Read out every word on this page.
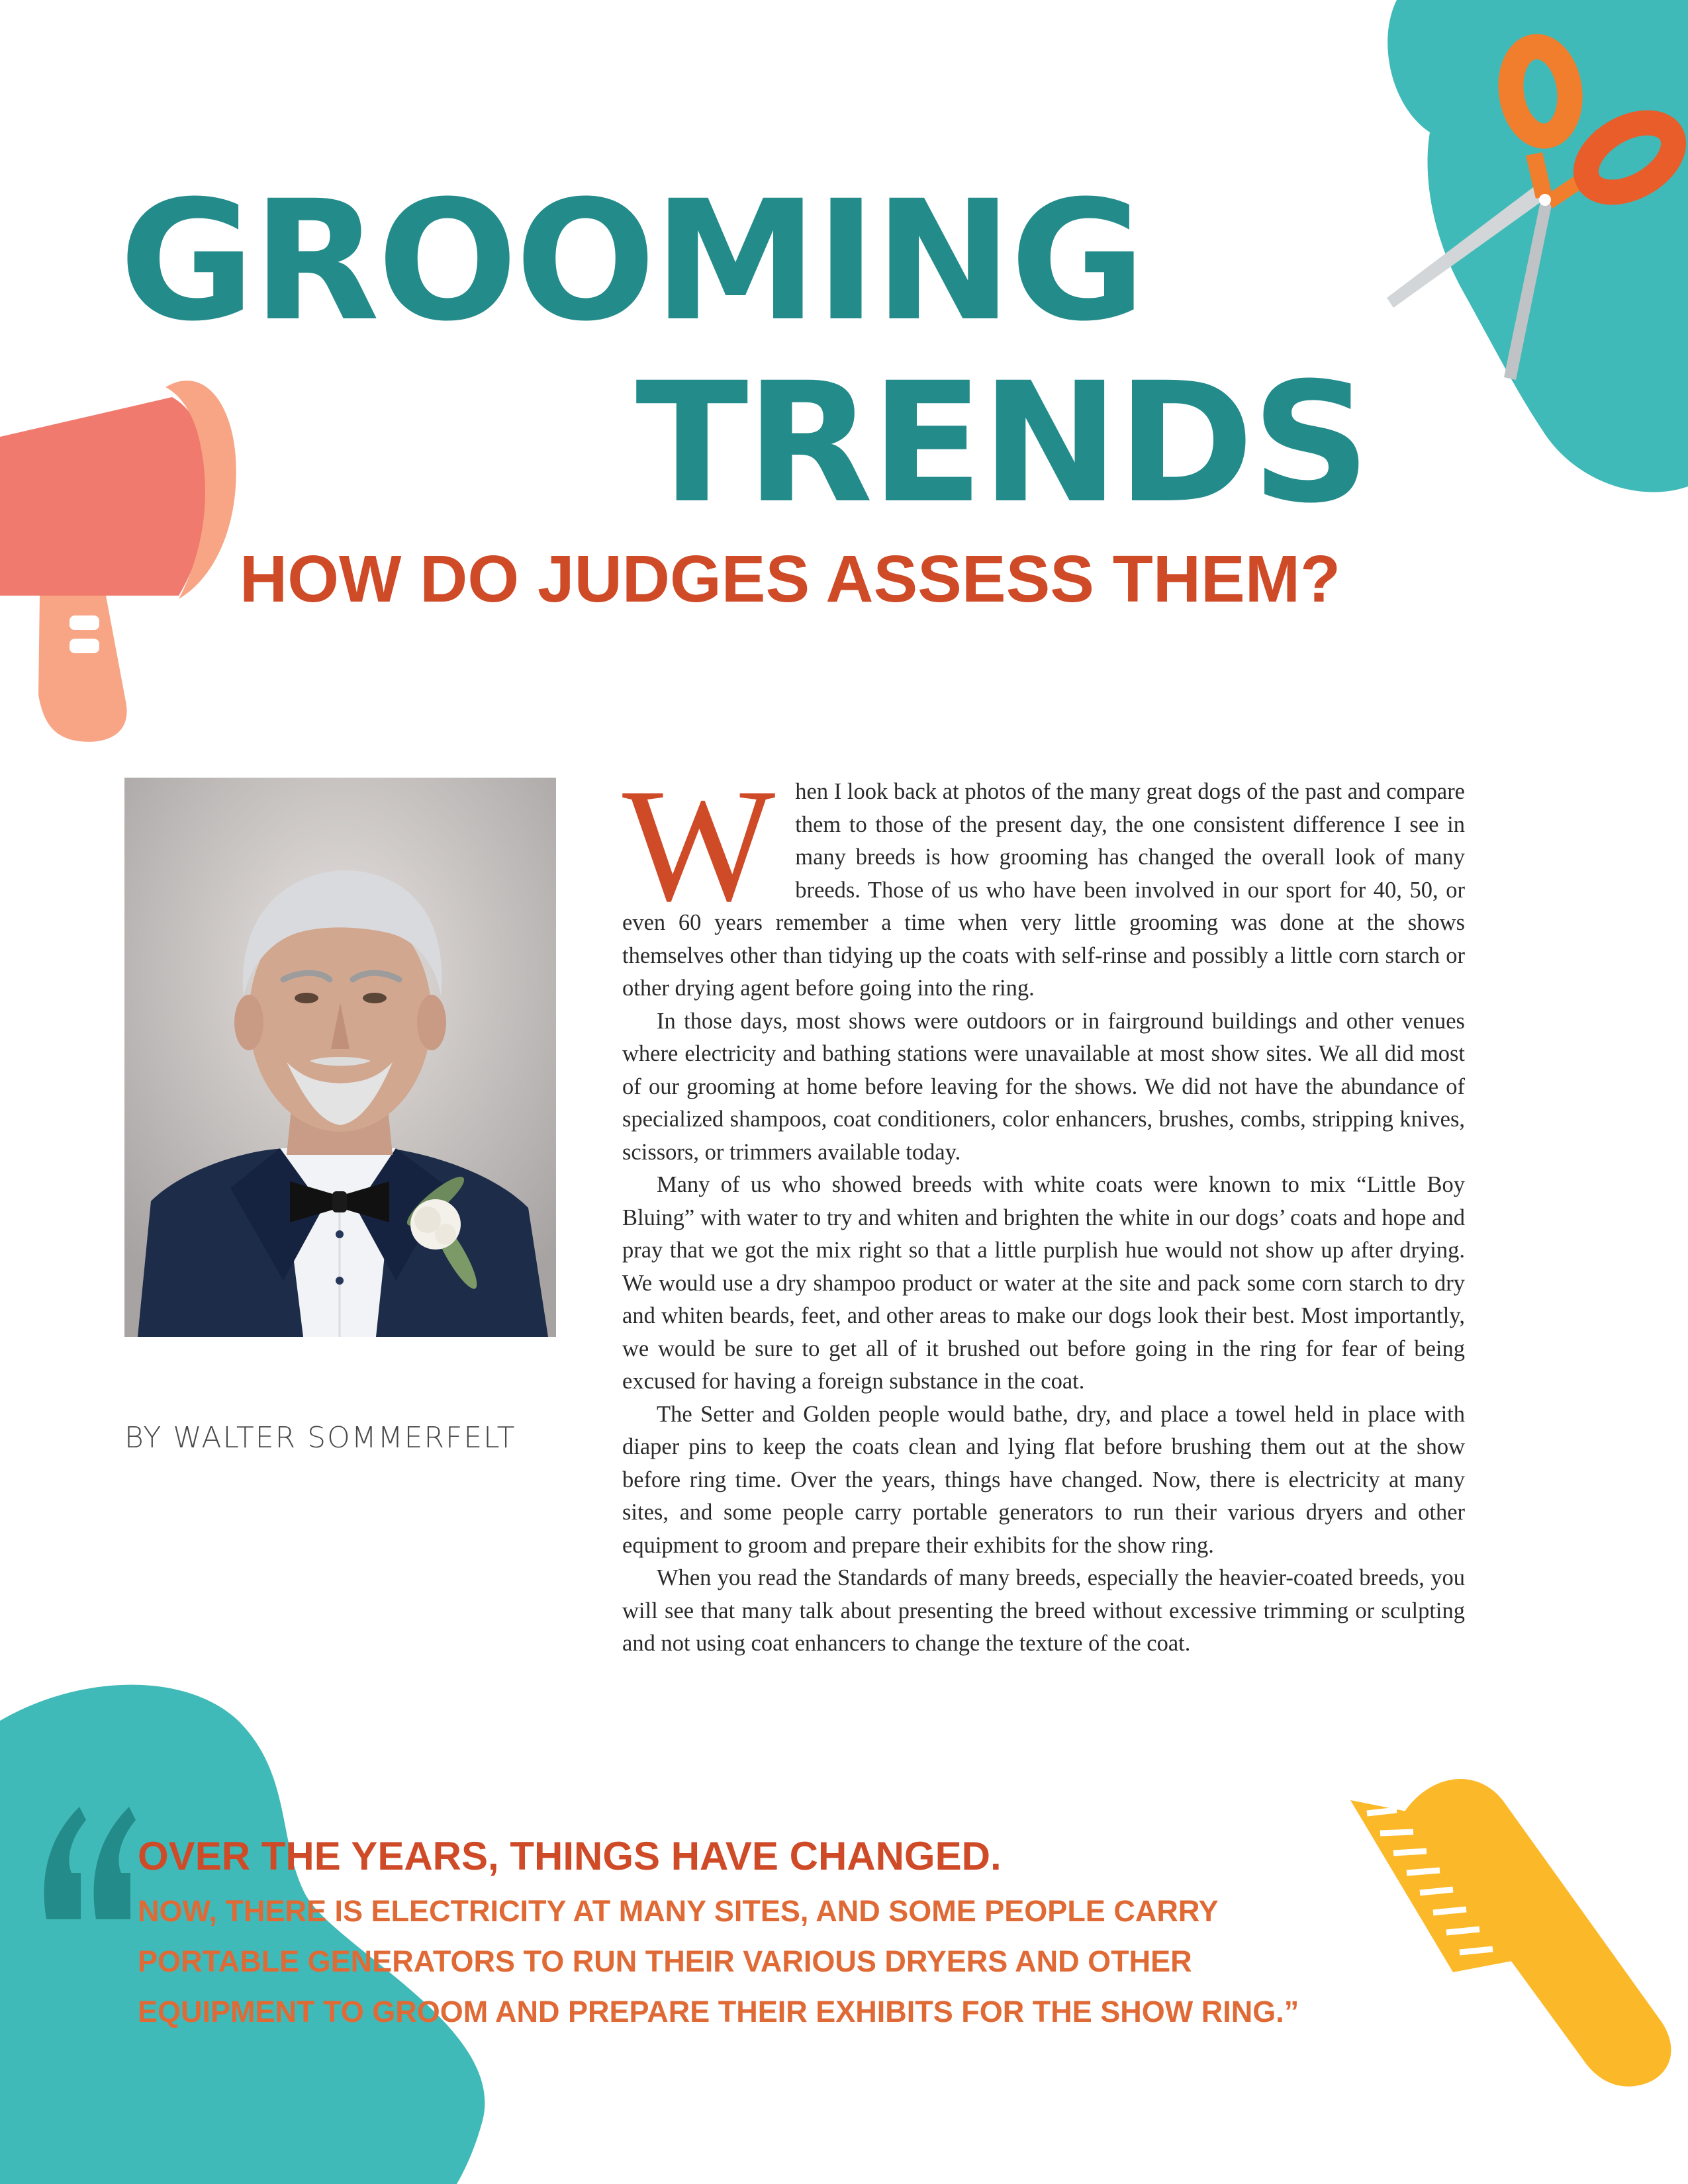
GROOMING
TRENDS
HOW DO JUDGES ASSESS THEM?

BY WALTER SOMMERFELT

When I look back at photos of the many great dogs of the past and compare them to those of the present day, the one consistent difference I see in many breeds is how grooming has changed the overall look of many breeds. Those of us who have been involved in our sport for 40, 50, or even 60 years remember a time when very little grooming was done at the shows themselves other than tidying up the coats with self-rinse and possibly a little corn starch or other drying agent before going into the ring.

In those days, most shows were outdoors or in fairground buildings and other venues where electricity and bathing stations were unavailable at most show sites. We all did most of our grooming at home before leaving for the shows. We did not have the abundance of specialized shampoos, coat conditioners, color enhancers, brushes, combs, stripping knives, scissors, or trimmers available today.

Many of us who showed breeds with white coats were known to mix “Little Boy Bluing” with water to try and whiten and brighten the white in our dogs’ coats and hope and pray that we got the mix right so that a little purplish hue would not show up after drying. We would use a dry shampoo product or water at the site and pack some corn starch to dry and whiten beards, feet, and other areas to make our dogs look their best. Most importantly, we would be sure to get all of it brushed out before going in the ring for fear of being excused for having a foreign substance in the coat.

The Setter and Golden people would bathe, dry, and place a towel held in place with diaper pins to keep the coats clean and lying flat before brushing them out at the show before ring time. Over the years, things have changed. Now, there is electricity at many sites, and some people carry portable generators to run their various dryers and other equipment to groom and prepare their exhibits for the show ring.

When you read the Standards of many breeds, especially the heavier-coated breeds, you will see that many talk about presenting the breed without excessive trimming or sculpting and not using coat enhancers to change the texture of the coat.

OVER THE YEARS, THINGS HAVE CHANGED.

NOW, THERE IS ELECTRICITY AT MANY SITES, AND SOME PEOPLE CARRY
PORTABLE GENERATORS TO RUN THEIR VARIOUS DRYERS AND OTHER
EQUIPMENT TO GROOM AND PREPARE THEIR EXHIBITS FOR THE SHOW RING.”
